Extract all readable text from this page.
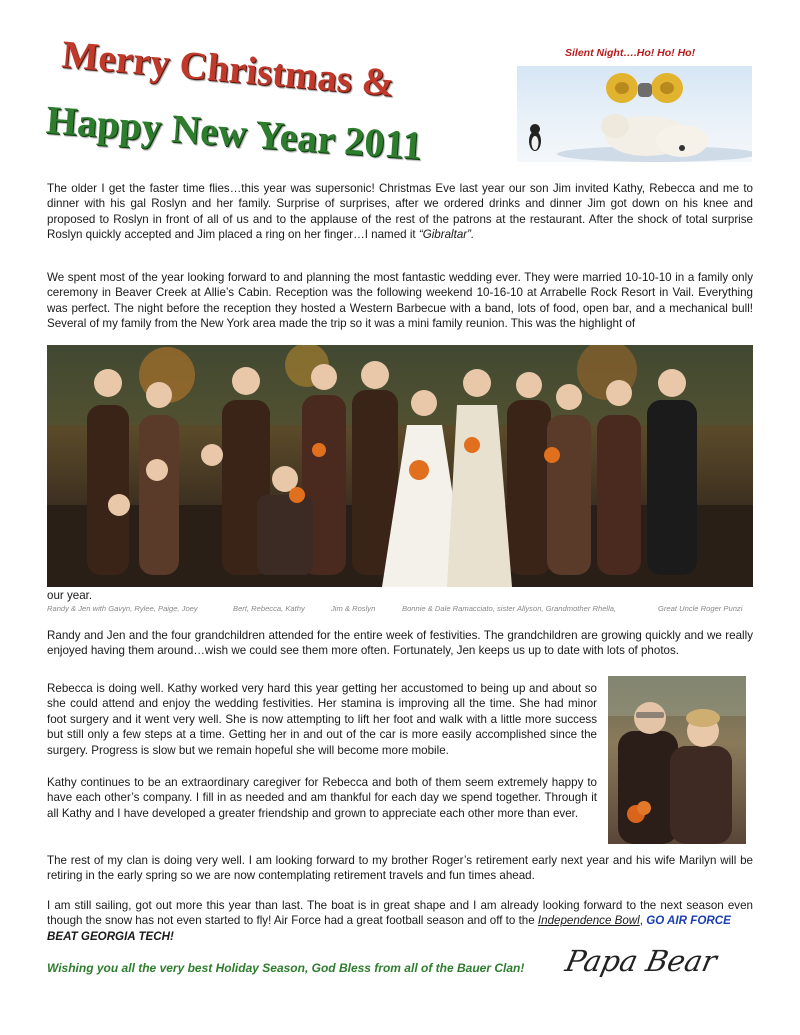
Merry Christmas &
Happy New Year 2011
Silent Night….Ho! Ho! Ho!

The older I get the faster time flies…this year was supersonic! Christmas Eve last year our son Jim invited Kathy, Rebecca and me to dinner with his gal Roslyn and her family. Surprise of surprises, after we ordered drinks and dinner Jim got down on his knee and proposed to Roslyn in front of all of us and to the applause of the rest of the patrons at the restaurant. After the shock of total surprise Roslyn quickly accepted and Jim placed a ring on her finger…I named it “Gibraltar”.

We spent most of the year looking forward to and planning the most fantastic wedding ever. They were married 10-10-10 in a family only ceremony in Beaver Creek at Allie’s Cabin. Reception was the following weekend 10-16-10 at Arrabelle Rock Resort in Vail. Everything was perfect. The night before the reception they hosted a Western Barbecue with a band, lots of food, open bar, and a mechanical bull! Several of my family from the New York area made the trip so it was a mini family reunion. This was the highlight of

our year.
Randy & Jen with Gavyn, Rylee, Paige, Joey	Bert, Rebecca, Kathy	Jim & Roslyn	Bonnie & Dale Ramacciato, sister Allyson, Grandmother Rhella,	Great Uncle Roger Punzi

Randy and Jen and the four grandchildren attended for the entire week of festivities. The grandchildren are growing quickly and we really enjoyed having them around…wish we could see them more often. Fortunately, Jen keeps us up to date with lots of photos.

Rebecca is doing well. Kathy worked very hard this year getting her accustomed to being up and about so she could attend and enjoy the wedding festivities. Her stamina is improving all the time. She had minor foot surgery and it went very well. She is now attempting to lift her foot and walk with a little more success but still only a few steps at a time. Getting her in and out of the car is more easily accomplished since the surgery. Progress is slow but we remain hopeful she will become more mobile.

Kathy continues to be an extraordinary caregiver for Rebecca and both of them seem extremely happy to have each other’s company. I fill in as needed and am thankful for each day we spend together. Through it all Kathy and I have developed a greater friendship and grown to appreciate each other more than ever.

The rest of my clan is doing very well. I am looking forward to my brother Roger’s retirement early next year and his wife Marilyn will be retiring in the early spring so we are now contemplating retirement travels and fun times ahead.

I am still sailing, got out more this year than last. The boat is in great shape and I am already looking forward to the next season even though the snow has not even started to fly! Air Force had a great football season and off to the Independence Bowl, GO AIR FORCE
BEAT GEORGIA TECH!

Wishing you all the very best Holiday Season, God Bless from all of the Bauer Clan! Papa Bear
